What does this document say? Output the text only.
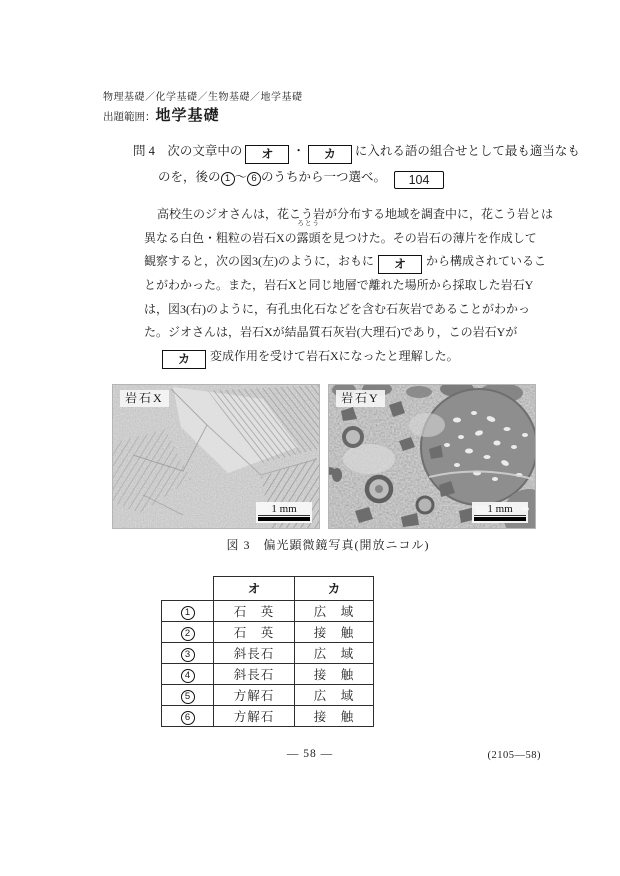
物理基礎／化学基礎／生物基礎／地学基礎
出題範囲：地学基礎
問 4　次の文章中の オ ・ カ に入れる語の組合せとして最も適当なも
のを，後の 1 ～ 6 のうちから一つ選べ。 104
高校生のジオさんは，花こう岩が分布する地域を調査中に，花こう岩とは
異なる白色・粗粒の岩石Xの
ろとう
露頭を見つけた。その岩石の薄片を作成して
観察すると，次の図3(左)のように，おもに オ から構成されているこ
とがわかった。また，岩石Xと同じ地層で離れた場所から採取した岩石Y
は，図3(右)のように，有孔虫化石などを含む石灰岩であることがわかっ
た。ジオさんは，岩石Xが結晶質石灰岩(大理石)であり，この岩石Yが
カ 変成作用を受けて岩石Xになったと理解した。
岩石X
1 mm
岩石Y
1 mm
図 3　偏光顕微鏡写真(開放ニコル)
	オ	カ
1	石　英	広　域
2	石　英	接　触
3	斜長石	広　域
4	斜長石	接　触
5	方解石	広　域
6	方解石	接　触
— 58 —	(2105—58)
